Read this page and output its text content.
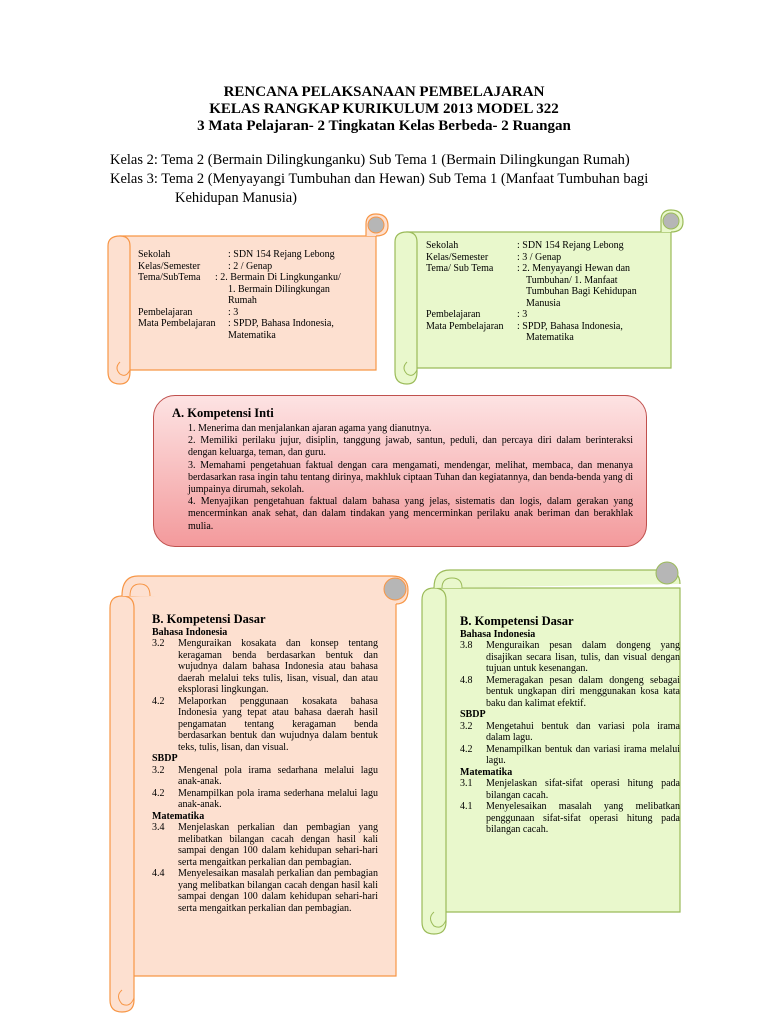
RENCANA PELAKSANAAN PEMBELAJARAN
KELAS RANGKAP KURIKULUM 2013 MODEL 322
3 Mata Pelajaran- 2 Tingkatan Kelas Berbeda- 2 Ruangan
Kelas 2: Tema 2 (Bermain Dilingkunganku) Sub Tema 1 (Bermain Dilingkungan Rumah)
Kelas 3: Tema 2 (Menyayangi Tumbuhan dan Hewan) Sub Tema 1 (Manfaat Tumbuhan bagi
Kehidupan Manusia)
Sekolah	: SDN 154 Rejang Lebong
Kelas/Semester	: 2 / Genap
Tema/SubTema	: 2. Bermain Di Lingkunganku/
1. Bermain Dilingkungan
Rumah
Pembelajaran	: 3
Mata Pembelajaran	: SPDP, Bahasa Indonesia,
Matematika
Sekolah	: SDN 154 Rejang Lebong
Kelas/Semester	: 3 / Genap
Tema/ Sub Tema	: 2. Menyayangi Hewan dan
Tumbuhan/ 1. Manfaat
Tumbuhan Bagi Kehidupan
Manusia
Pembelajaran	: 3
Mata Pembelajaran	: SPDP, Bahasa Indonesia,
Matematika
A. Kompetensi Inti

1. Menerima dan menjalankan ajaran agama yang dianutnya.

2. Memiliki perilaku jujur, disiplin, tanggung jawab, santun, peduli, dan percaya diri dalam berinteraksi dengan keluarga, teman, dan guru.

3. Memahami pengetahuan faktual dengan cara mengamati, mendengar, melihat, membaca, dan menanya berdasarkan rasa ingin tahu tentang dirinya, makhluk ciptaan Tuhan dan kegiatannya, dan benda-benda yang di jumpainya dirumah, sekolah.

4. Menyajikan pengetahuan faktual dalam bahasa yang jelas, sistematis dan logis, dalam gerakan yang mencerminkan anak sehat, dan dalam tindakan yang mencerminkan perilaku anak beriman dan berakhlak mulia.

B. Kompetensi Dasar
Bahasa Indonesia
3.2	Menguraikan kosakata dan konsep tentang keragaman benda berdasarkan bentuk dan wujudnya dalam bahasa Indonesia atau bahasa daerah melalui teks tulis, lisan, visual, dan atau eksplorasi lingkungan.
4.2	Melaporkan penggunaan kosakata bahasa Indonesia yang tepat atau bahasa daerah hasil pengamatan tentang keragaman benda berdasarkan bentuk dan wujudnya dalam bentuk teks, tulis, lisan, dan visual.
SBDP
3.2	Mengenal pola irama sedarhana melalui lagu anak-anak.
4.2	Menampilkan pola irama sederhana melalui lagu anak-anak.
Matematika
3.4	Menjelaskan perkalian dan pembagian yang melibatkan bilangan cacah dengan hasil kali sampai dengan 100 dalam kehidupan sehari-hari serta mengaitkan perkalian dan pembagian.
4.4	Menyelesaikan masalah perkalian dan pembagian yang melibatkan bilangan cacah dengan hasil kali sampai dengan 100 dalam kehidupan sehari-hari serta mengaitkan perkalian dan pembagian.
B. Kompetensi Dasar
Bahasa Indonesia
3.8	Menguraikan pesan dalam dongeng yang disajikan secara lisan, tulis, dan visual dengan tujuan untuk kesenangan.
4.8	Memeragakan pesan dalam dongeng sebagai bentuk ungkapan diri menggunakan kosa kata baku dan kalimat efektif.
SBDP
3.2	Mengetahui bentuk dan variasi pola irama dalam lagu.
4.2	Menampilkan bentuk dan variasi irama melalui lagu.
Matematika
3.1	Menjelaskan sifat-sifat operasi hitung pada bilangan cacah.
4.1	Menyelesaikan masalah yang melibatkan penggunaan sifat-sifat operasi hitung pada bilangan cacah.
